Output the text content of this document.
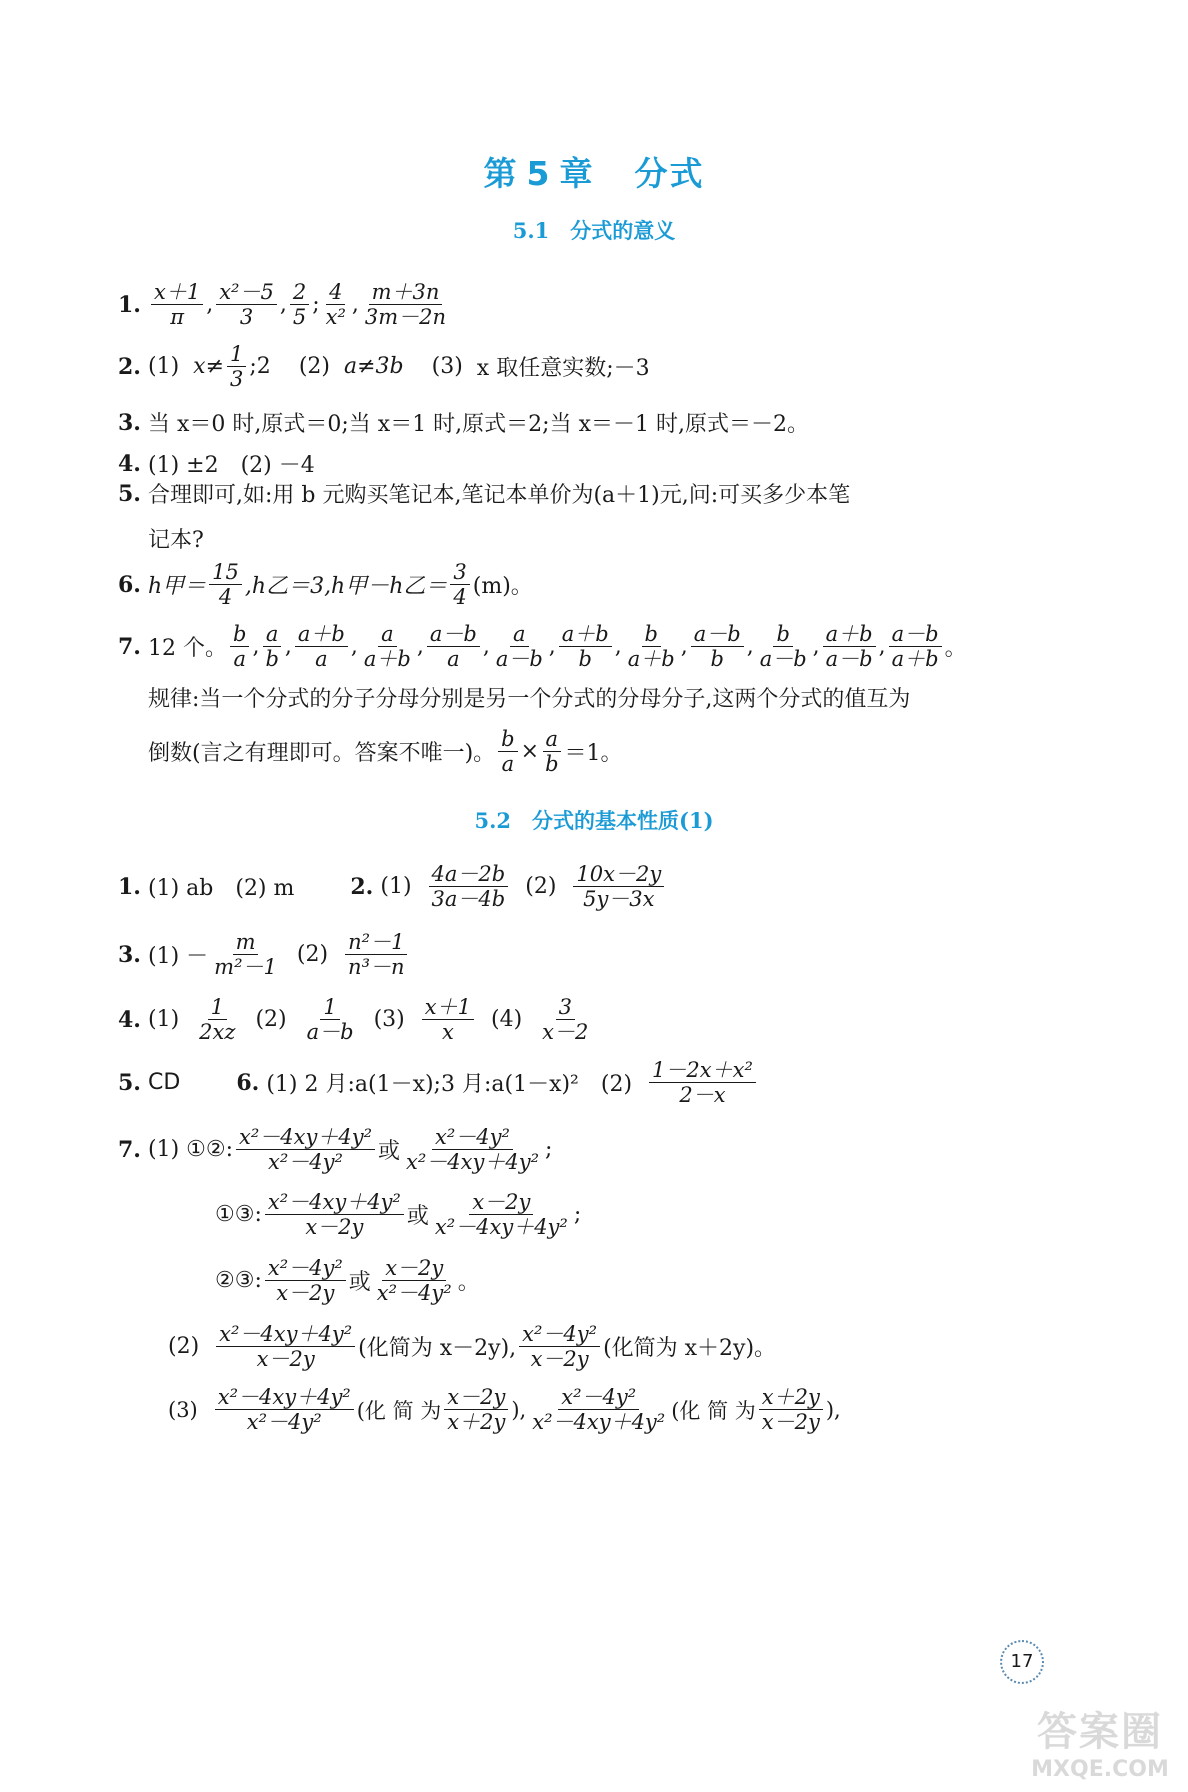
第 5 章 分式
5.1　分式的意义
1. $\frac{x+1}{\pi}$ , $\frac{\text{x²－5}}{3}$ , $\frac{2}{5}$ ; $\frac{4}{\text{x²}}$ , $\frac{m+3n}{3m-2n}$
2. (1) $x\ne \frac{1}{3}$ ;2 (2) a≠3b (3) x 取任意实数;－3
3. 当 x＝0 时,原式＝0;当 x＝1 时,原式＝2;当 x＝－1 时,原式＝－2。
4. (1) ±2　(2) －4
5. 合理即可,如:用 b 元购买笔记本,笔记本单价为(a＋1)元,问:可买多少本笔
记本?
6. h甲＝ $\frac{15}{4} ,h$乙＝3,h甲－h乙＝ $\frac{3}{4} (m)$。
7. 12 个。 $\frac{b}{a}$ , $\frac{a}{b}$ , $\frac{a+b}{a}$ , $\frac{a}{a+b}$ , $\frac{a-b}{a}$ , $\frac{a}{a-b}$ , $\frac{a+b}{b}$ , $\frac{b}{a+b}$ , $\frac{a-b}{b}$ , $\frac{b}{a-b}$ , $\frac{a+b}{a-b}$ , $\frac{a-b}{a+b}$ 。
规律:当一个分式的分子分母分别是另一个分式的分母分子,这两个分式的值互为
倒数(言之有理即可。答案不唯一)。 $\frac{b}{a} \times \frac{a}{b} =1$。
5.2　分式的基本性质(1)
1. (1) ab　(2) m	2. $(1) \frac{4a-2b}{3a-4b} (2) \frac{10x-2y}{5y-3x}$
3. $(1) - \frac{m}{\text{m²－1}} (2) \frac{\text{n²－1}}{\text{n³－n}}$
4. $(1) \frac{1}{2xz} (2) \frac{1}{a-b} (3) \frac{x+1}{x} (4) \frac{3}{x-2}$
5. CD	6. (1) 2 月:a(1－x);3 月:a(1－x)²　$(2) \frac{\text{1－2x＋x²}}{2-x}$
7. (1) ①②: $\frac{\text{x²－4xy＋4y²}}{\text{x²－4y²}}$ 或 $\frac{\text{x²－4y²}}{\text{x²－4xy＋4y²}}$ ;
①③: $\frac{\text{x²－4xy＋4y²}}{x-2y}$ 或 $\frac{x-2y}{\text{x²－4xy＋4y²}}$ ;
②③: $\frac{\text{x²－4y²}}{x-2y}$ 或 $\frac{x-2y}{\text{x²－4y²}}$ 。
$(2) \frac{\text{x²－4xy＋4y²}}{x-2y}$ (化简为 x－2y), $\frac{\text{x²－4y²}}{x-2y}$ (化简为 x＋2y)。
$(3) \frac{\text{x²－4xy＋4y²}}{\text{x²－4y²}}$ (化 简 为 $\frac{x-2y}{x+2y}$ ), $\frac{\text{x²－4y²}}{\text{x²－4xy＋4y²}}$ (化 简 为 $\frac{x+2y}{x-2y}$ ),
17
答案圈
MXQE.COM
